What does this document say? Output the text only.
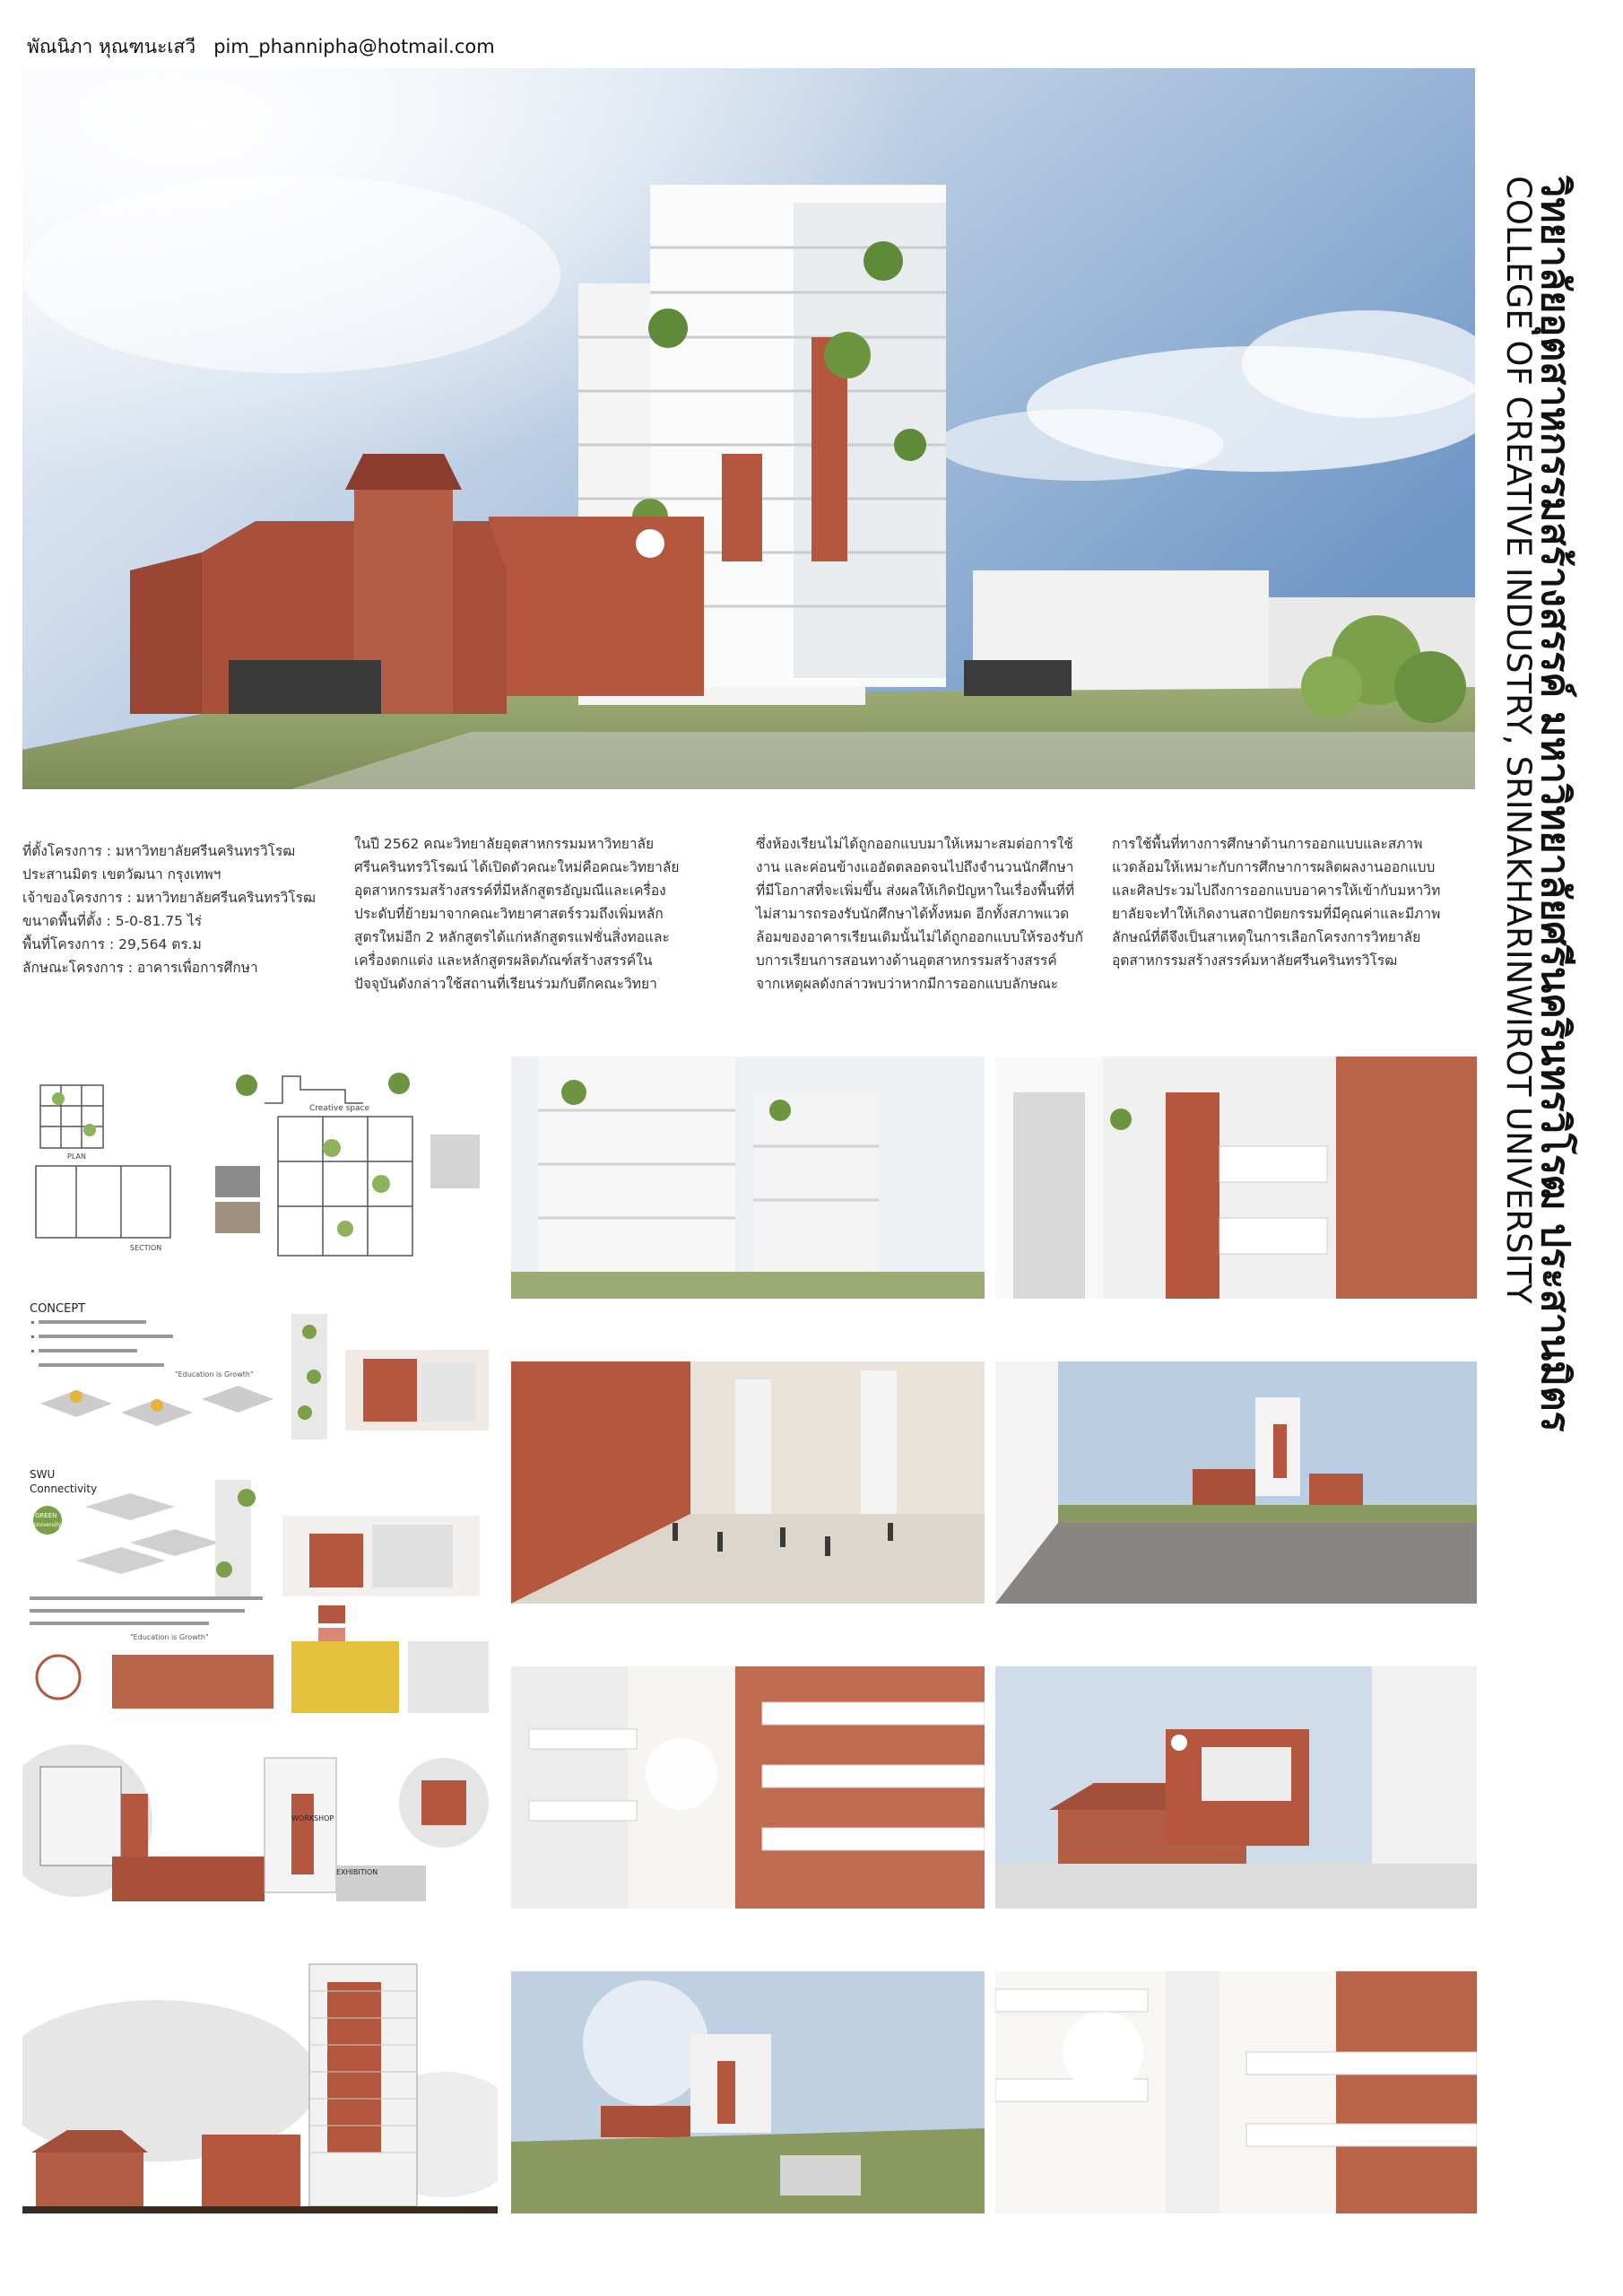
พัณนิภา หุณฑนะเสวี pim_phannipha@hotmail.com
วิทยาลัยอุตสาหกรรมสร้างสรรค์ มหาวิทยาลัยศรีนครินทรวิโรฒ ประสานมิตร
COLLEGE OF CREATIVE INDUSTRY, SRINAKHARINWIROT UNIVERSITY
ที่ตั้งโครงการ : มหาวิทยาลัยศรีนครินทรวิโรฒ
ประสานมิตร เขตวัฒนา กรุงเทพฯ
เจ้าของโครงการ : มหาวิทยาลัยศรีนครินทรวิโรฒ
ขนาดพื้นที่ตั้ง : 5-0-81.75 ไร่
พื้นที่โครงการ : 29,564 ตร.ม
ลักษณะโครงการ : อาคารเพื่อการศึกษา
ในปี 2562 คณะวิทยาลัยอุตสาหกรรมมหาวิทยาลัย
ศรีนครินทรวิโรฒน์ ได้เปิดตัวคณะใหม่คือคณะวิทยาลัย
อุตสาหกรรมสร้างสรรค์ที่มีหลักสูตรอัญมณีและเครื่อง
ประดับที่ย้ายมาจากคณะวิทยาศาสตร์รวมถึงเพิ่มหลัก
สูตรใหม่อีก 2 หลักสูตรได้แก่หลักสูตรแฟชั่นสิ่งทอและ
เครื่องตกแต่ง และหลักสูตรผลิตภัณฑ์สร้างสรรค์ใน
ปัจจุบันดังกล่าวใช้สถานที่เรียนร่วมกับตึกคณะวิทยา
ซึ่งห้องเรียนไม่ได้ถูกออกแบบมาให้เหมาะสมต่อการใช้
งาน และค่อนข้างแออัดตลอดจนไปถึงจำนวนนักศึกษา
ที่มีโอกาสที่จะเพิ่มขึ้น ส่งผลให้เกิดปัญหาในเรื่องพื้นที่ที่
ไม่สามารถรองรับนักศึกษาได้ทั้งหมด อีกทั้งสภาพแวด
ล้อมของอาคารเรียนเดิมนั้นไม่ได้ถูกออกแบบให้รองรับกั
บการเรียนการสอนทางด้านอุตสาหกรรมสร้างสรรค์
จากเหตุผลดังกล่าวพบว่าหากมีการออกแบบลักษณะ
การใช้พื้นที่ทางการศึกษาด้านการออกแบบและสภาพ
แวดล้อมให้เหมาะกับการศึกษาการผลิตผลงานออกแบบ
และศิลประวมไปถึงการออกแบบอาคารให้เข้ากับมหาวิท
ยาลัยจะทำให้เกิดงานสถาปัตยกรรมที่มีคุณค่าและมีภาพ
ลักษณ์ที่ดีจึงเป็นสาเหตุในการเลือกโครงการวิทยาลัย
อุตสาหกรรมสร้างสรรค์มหาลัยศรีนครินทรวิโรฒ
Creative space
PLAN
SECTION
CONCEPT
"Education is Growth"
SWU
Connectivity
GREEN
University
"Education is Growth"
WORKSHOP
EXHIBITION
